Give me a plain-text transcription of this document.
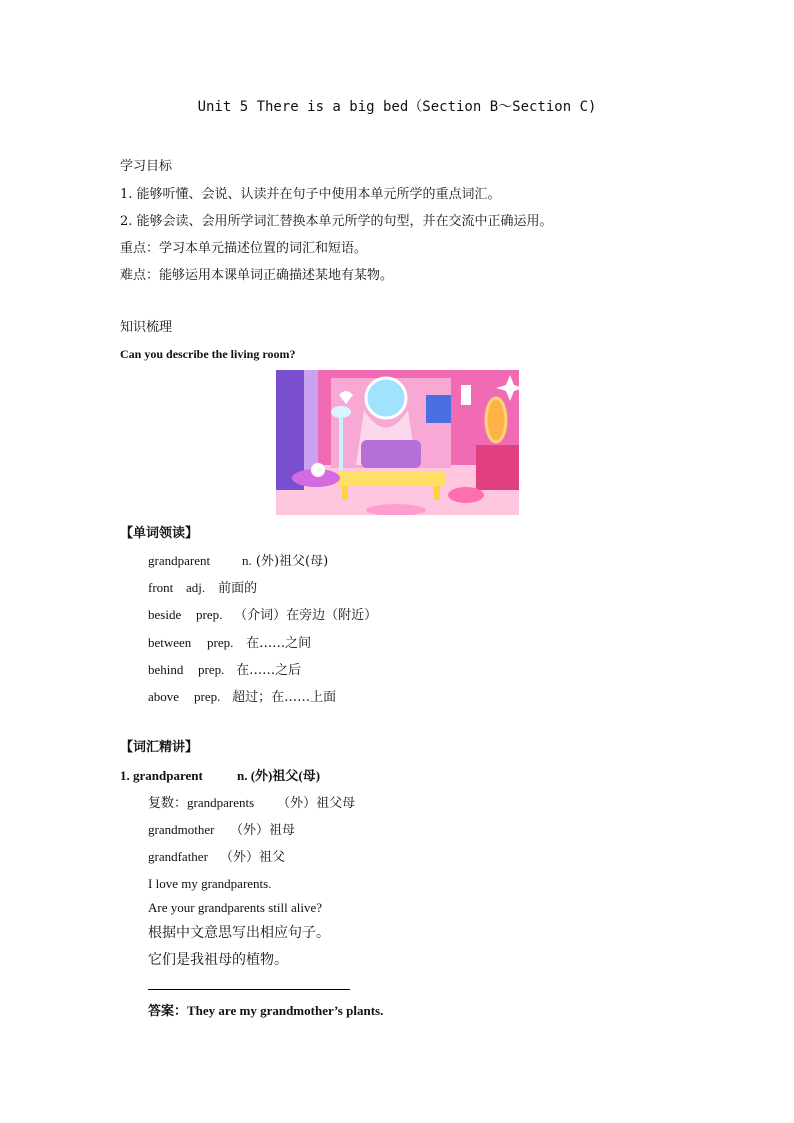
Unit 5 There is a big bed（Section B～Section C)
学习目标
1. 能够听懂、会说、认读并在句子中使用本单元所学的重点词汇。
2. 能够会读、会用所学词汇替换本单元所学的句型，并在交流中正确运用。
重点：学习本单元描述位置的词汇和短语。
难点：能够运用本课单词正确描述某地有某物。
知识梳理
Can you describe the living room?
【单词领读】
grandparent n. (外)祖父(母)
front adj. 前面的
beside prep. （介词）在旁边（附近）
between prep. 在……之间
behind prep. 在……之后
above prep. 超过；在……上面
【词汇精讲】
1. grandparent	n. (外)祖父(母)
复数：grandparents （外）祖父母
grandmother （外）祖母
grandfather （外）祖父
I love my grandparents.
Are your grandparents still alive?
根据中文意思写出相应句子。
它们是我祖母的植物。
答案：They are my grandmother’s plants.
